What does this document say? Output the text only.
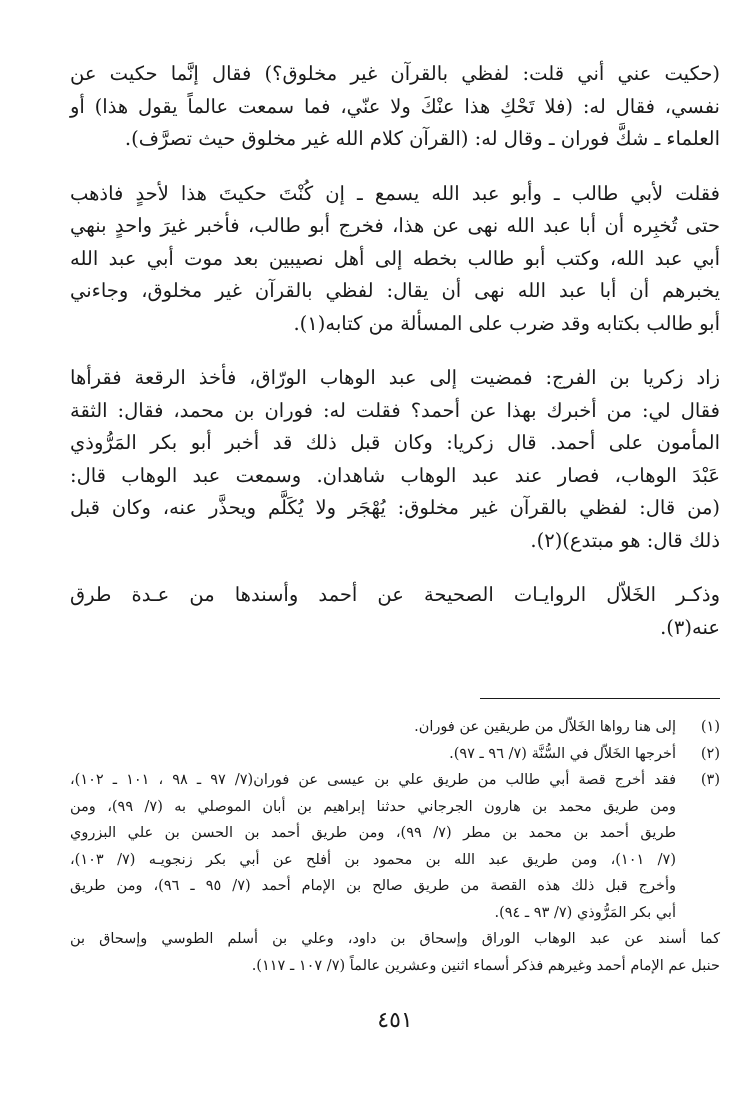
(حكيت عني أني قلت: لفظي بالقرآن غير مخلوق؟) فقال إنَّما حكيت عن
نفسي، فقال له: (فلا تَحْكِ هذا عنْكَ ولا عنّي، فما سمعت عالماً يقول هذا) أو
العلماء ـ شكَّ فوران ـ وقال له: (القرآن كلام الله غير مخلوق حيث تصرَّف).

فقلت لأبي طالب ـ وأبو عبد الله يسمع ـ إن كُنْتَ حكيتَ هذا لأحدٍ فاذهب
حتى تُخبِره أن أبا عبد الله نهى عن هذا، فخرج أبو طالب، فأخبر غيرَ واحدٍ بنهي
أبي عبد الله، وكتب أبو طالب بخطه إلى أهل نصيبين بعد موت أبي عبد الله
يخبرهم أن أبا عبد الله نهى أن يقال: لفظي بالقرآن غير مخلوق، وجاءني
أبو طالب بكتابه وقد ضرب على المسألة من كتابه(١).

زاد زكريا بن الفرج: فمضيت إلى عبد الوهاب الورّاق، فأخذ الرقعة فقرأها
فقال لي: من أخبرك بهذا عن أحمد؟ فقلت له: فوران بن محمد، فقال: الثقة
المأمون على أحمد. قال زكريا: وكان قبل ذلك قد أخبر أبو بكر المَرُّوذي
عَبْدَ الوهاب، فصار عند عبد الوهاب شاهدان. وسمعت عبد الوهاب قال:
(من قال: لفظي بالقرآن غير مخلوق: يُهْجَر ولا يُكَلَّم ويحذَّر عنه، وكان قبل
ذلك قال: هو مبتدع)(٢).

وذكـر الخَلاّل الروايـات الصحيحة عن أحمد وأسندها من عـدة طرق
عنه(٣).

(١)
إلى هنا رواها الخَلاّل من طريقين عن فوران.
(٢)
أخرجها الخَلاّل في السُّنَّة (٧/ ٩٦ ـ ٩٧).
(٣)
فقد أخرج قصة أبي طالب من طريق علي بن عيسى عن فوران(٧/ ٩٧ ـ ٩٨ ، ١٠١ ـ ١٠٢)،
ومن طريق محمد بن هارون الجرجاني حدثنا إبراهيم بن أبان الموصلي به (٧/ ٩٩)، ومن
طريق أحمد بن محمد بن مطر (٧/ ٩٩)، ومن طريق أحمد بن الحسن بن علي البزروي
(٧/ ١٠١)، ومن طريق عبد الله بن محمود بن أفلح عن أبي بكر زنجويـه (٧/ ١٠٣)،
وأخرج قبل ذلك هذه القصة من طريق صالح بن الإمام أحمد (٧/ ٩٥ ـ ٩٦)، ومن طريق
أبي بكر المَرُّوذي (٧/ ٩٣ ـ ٩٤).
كما أسند عن عبد الوهاب الوراق وإسحاق بن داود، وعلي بن أسلم الطوسي وإسحاق بن
حنبل عم الإمام أحمد وغيرهم فذكر أسماء اثنين وعشرين عالماً (٧/ ١٠٧ ـ ١١٧).
٤٥١
